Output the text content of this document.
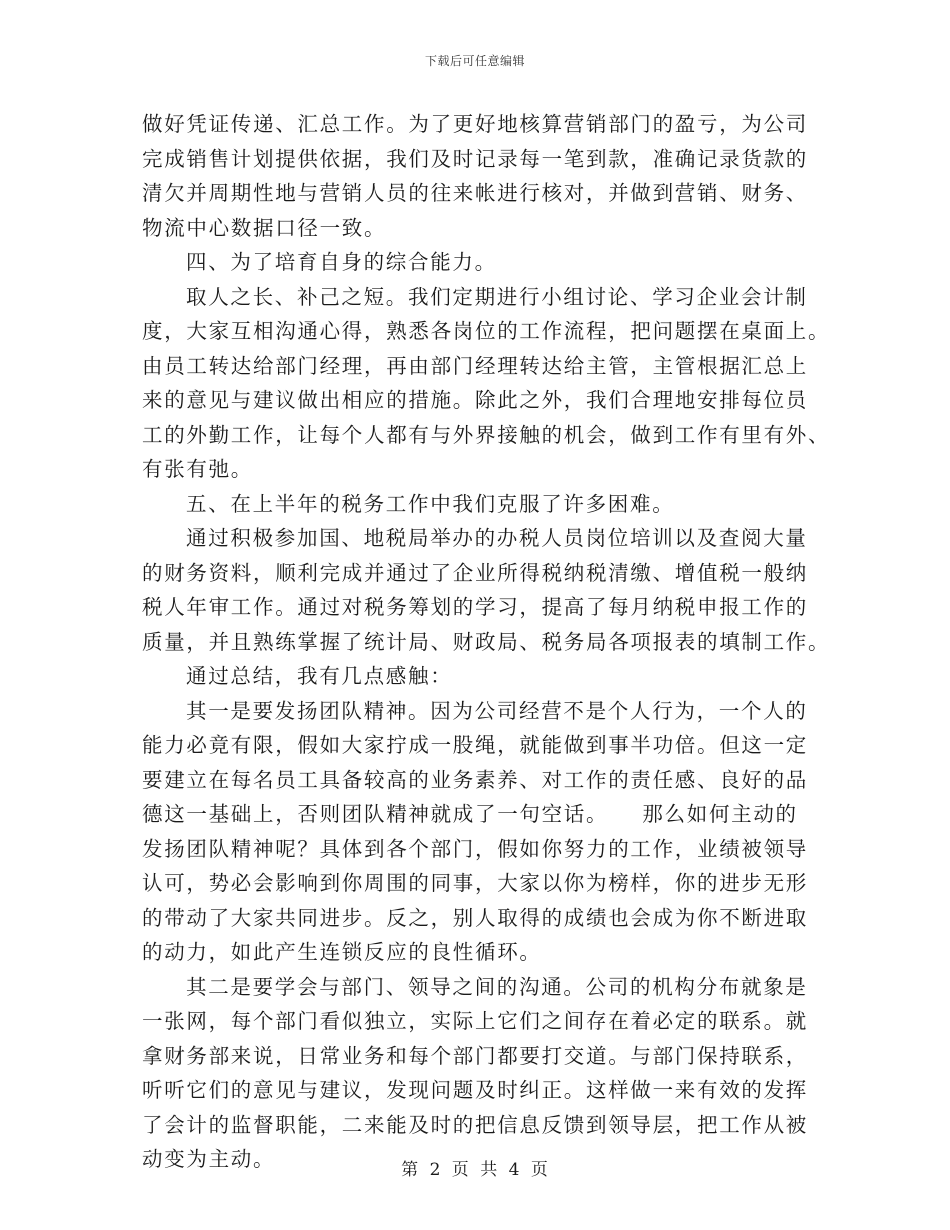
下载后可任意编辑
做好凭证传递、汇总工作。为了更好地核算营销部门的盈亏，为公司
完成销售计划提供依据，我们及时记录每一笔到款，准确记录货款的
清欠并周期性地与营销人员的往来帐进行核对，并做到营销、财务、
物流中心数据口径一致。
四、为了培育自身的综合能力。
取人之长、补己之短。我们定期进行小组讨论、学习企业会计制
度，大家互相沟通心得，熟悉各岗位的工作流程，把问题摆在桌面上。
由员工转达给部门经理，再由部门经理转达给主管，主管根据汇总上
来的意见与建议做出相应的措施。除此之外，我们合理地安排每位员
工的外勤工作，让每个人都有与外界接触的机会，做到工作有里有外、
有张有弛。
五、在上半年的税务工作中我们克服了许多困难。
通过积极参加国、地税局举办的办税人员岗位培训以及查阅大量
的财务资料，顺利完成并通过了企业所得税纳税清缴、增值税一般纳
税人年审工作。通过对税务筹划的学习，提高了每月纳税申报工作的
质量，并且熟练掌握了统计局、财政局、税务局各项报表的填制工作。
通过总结，我有几点感触：
其一是要发扬团队精神。因为公司经营不是个人行为，一个人的
能力必竟有限，假如大家拧成一股绳，就能做到事半功倍。但这一定
要建立在每名员工具备较高的业务素养、对工作的责任感、良好的品
德这一基础上，否则团队精神就成了一句空话。　　那么如何主动的
发扬团队精神呢？具体到各个部门，假如你努力的工作，业绩被领导
认可，势必会影响到你周围的同事，大家以你为榜样，你的进步无形
的带动了大家共同进步。反之，别人取得的成绩也会成为你不断进取
的动力，如此产生连锁反应的良性循环。
其二是要学会与部门、领导之间的沟通。公司的机构分布就象是
一张网，每个部门看似独立，实际上它们之间存在着必定的联系。就
拿财务部来说，日常业务和每个部门都要打交道。与部门保持联系，
听听它们的意见与建议，发现问题及时纠正。这样做一来有效的发挥
了会计的监督职能，二来能及时的把信息反馈到领导层，把工作从被
动变为主动。	第 2 页 共 4 页
